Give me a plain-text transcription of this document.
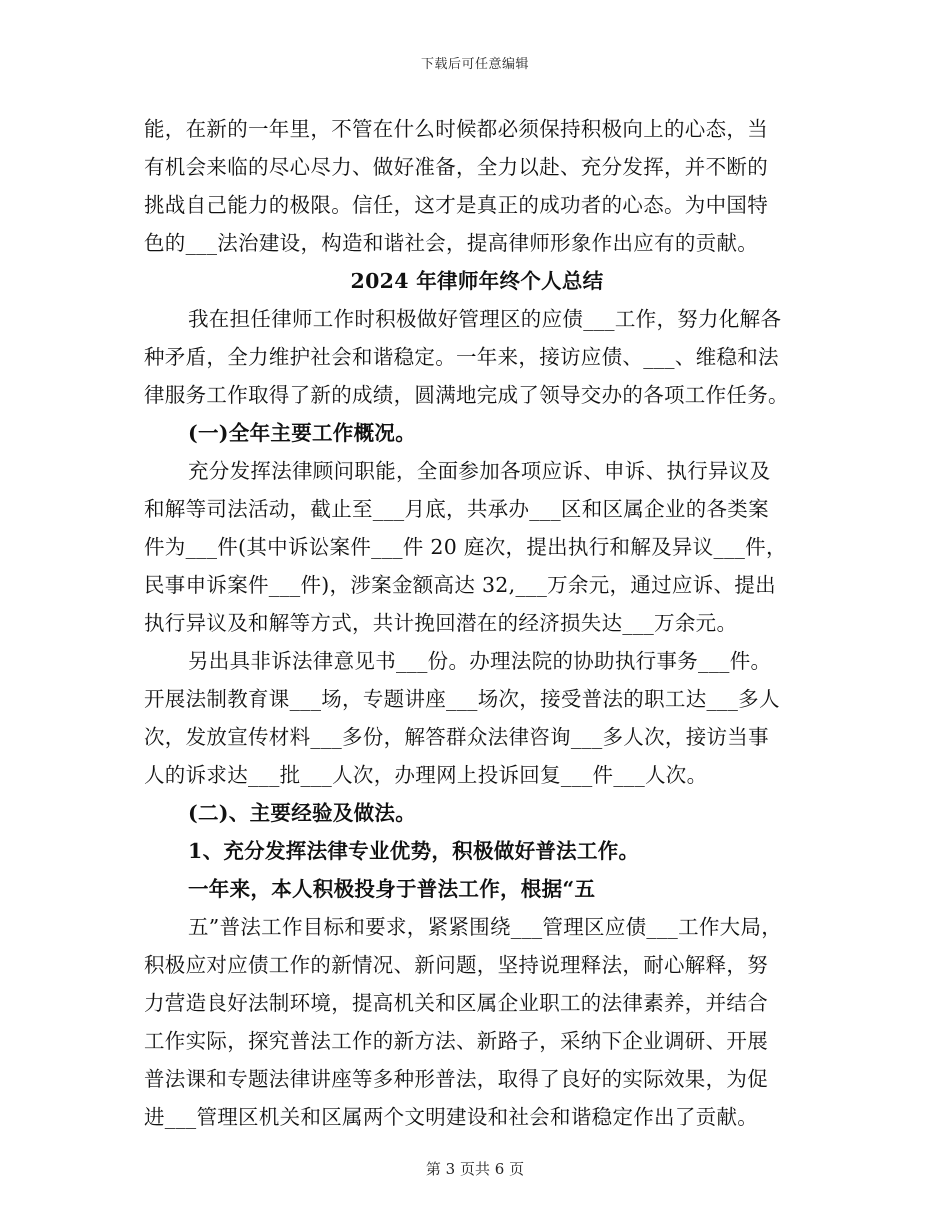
下载后可任意编辑
能，在新的一年里，不管在什么时候都必须保持积极向上的心态，当
有机会来临的尽心尽力、做好准备，全力以赴、充分发挥，并不断的
挑战自己能力的极限。信任，这才是真正的成功者的心态。为中国特
色的___法治建设，构造和谐社会，提高律师形象作出应有的贡献。
2024 年律师年终个人总结
我在担任律师工作时积极做好管理区的应债___工作，努力化解各
种矛盾，全力维护社会和谐稳定。一年来，接访应债、___、维稳和法
律服务工作取得了新的成绩，圆满地完成了领导交办的各项工作任务。
(一)全年主要工作概况。
充分发挥法律顾问职能，全面参加各项应诉、申诉、执行异议及
和解等司法活动，截止至___月底，共承办___区和区属企业的各类案
件为___件(其中诉讼案件___件 20 庭次，提出执行和解及异议___件，
民事申诉案件___件)，涉案金额高达 32,___万余元，通过应诉、提出
执行异议及和解等方式，共计挽回潜在的经济损失达___万余元。
另出具非诉法律意见书___份。办理法院的协助执行事务___件。
开展法制教育课___场，专题讲座___场次，接受普法的职工达___多人
次，发放宣传材料___多份，解答群众法律咨询___多人次，接访当事
人的诉求达___批___人次，办理网上投诉回复___件___人次。
(二)、主要经验及做法。
1、充分发挥法律专业优势，积极做好普法工作。
一年来，本人积极投身于普法工作，根据“五
五”普法工作目标和要求，紧紧围绕___管理区应债___工作大局，
积极应对应债工作的新情况、新问题，坚持说理释法，耐心解释，努
力营造良好法制环境，提高机关和区属企业职工的法律素养，并结合
工作实际，探究普法工作的新方法、新路子，采纳下企业调研、开展
普法课和专题法律讲座等多种形普法，取得了良好的实际效果，为促
进___管理区机关和区属两个文明建设和社会和谐稳定作出了贡献。
第 3 页共 6 页
